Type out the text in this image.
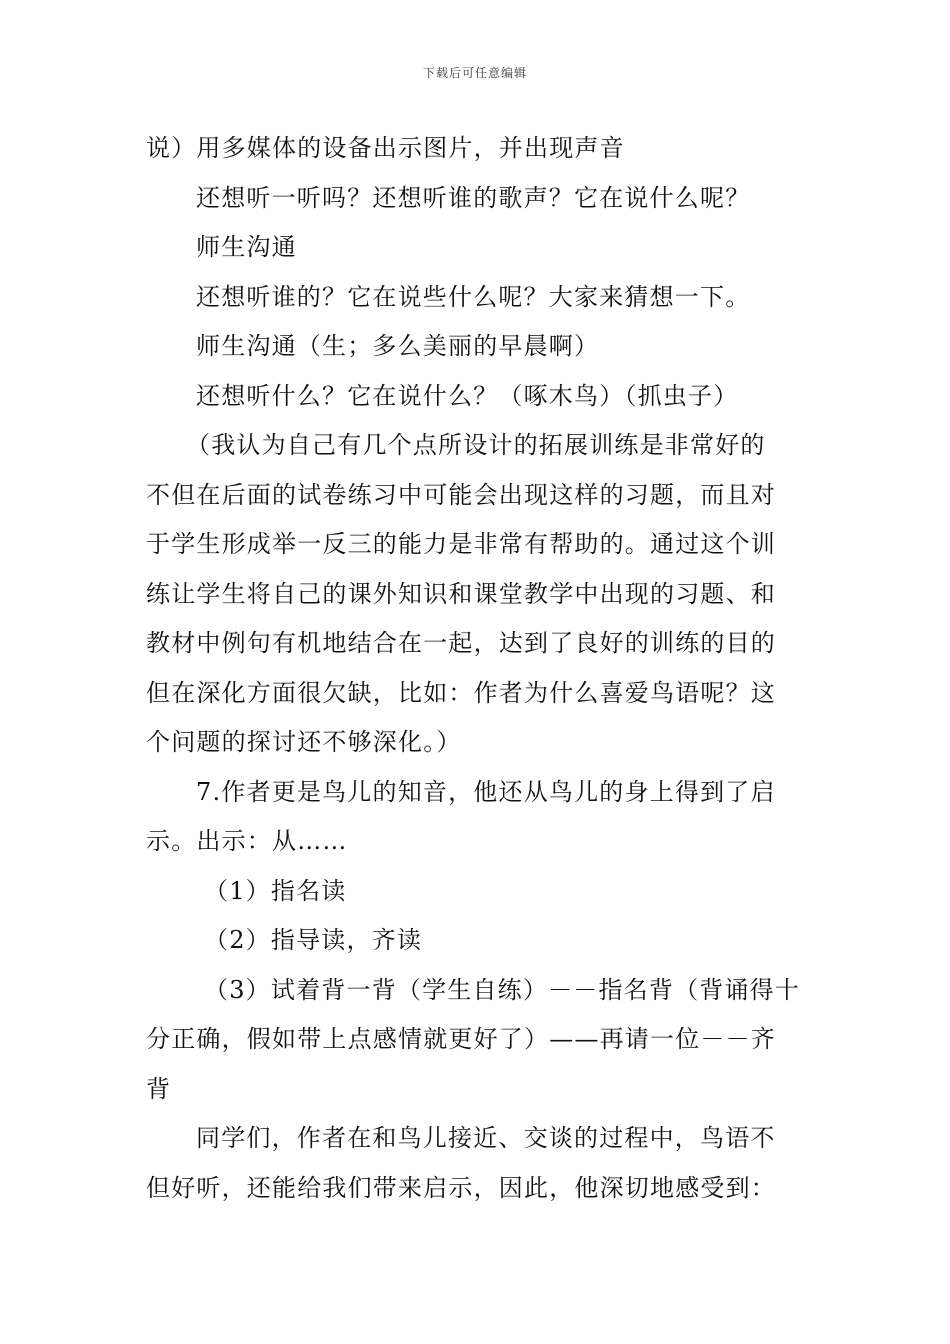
下载后可任意编辑
说）用多媒体的设备出示图片，并出现声音
还想听一听吗？还想听谁的歌声？它在说什么呢？
师生沟通
还想听谁的？它在说些什么呢？大家来猜想一下。
师生沟通（生；多么美丽的早晨啊）
还想听什么？它在说什么？（啄木鸟）（抓虫子）
（我认为自己有几个点所设计的拓展训练是非常好的
不但在后面的试卷练习中可能会出现这样的习题，而且对
于学生形成举一反三的能力是非常有帮助的。通过这个训
练让学生将自己的课外知识和课堂教学中出现的习题、和
教材中例句有机地结合在一起，达到了良好的训练的目的
但在深化方面很欠缺，比如：作者为什么喜爱鸟语呢？这
个问题的探讨还不够深化。）
7.作者更是鸟儿的知音，他还从鸟儿的身上得到了启
示。出示：从……
（1）指名读
（2）指导读，齐读
（3）试着背一背（学生自练）－－指名背（背诵得十
分正确，假如带上点感情就更好了）——再请一位－－齐
背
同学们，作者在和鸟儿接近、交谈的过程中，鸟语不
但好听，还能给我们带来启示，因此，他深切地感受到：
